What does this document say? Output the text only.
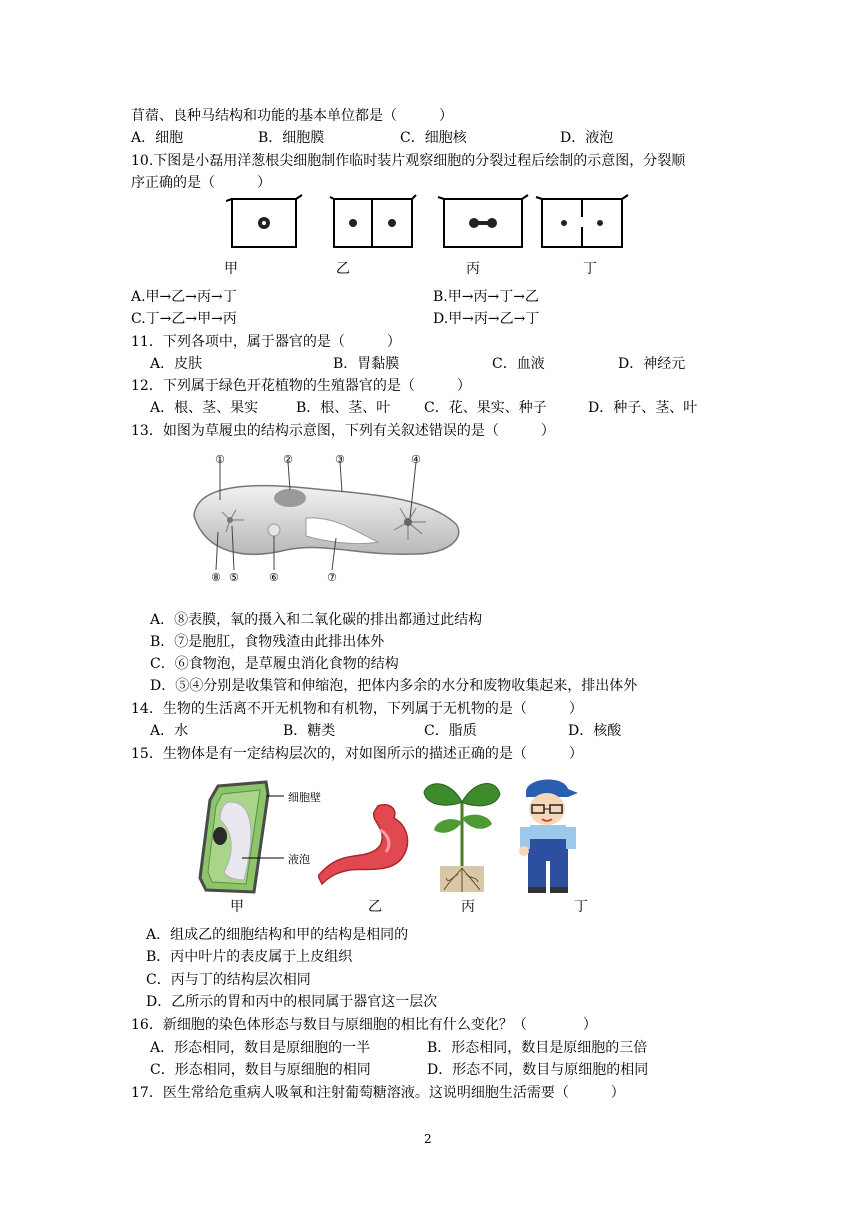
苜蓿、良种马结构和功能的基本单位都是（　　　）
A．细胞	B．细胞膜	C．细胞核	D．液泡
10.下图是小磊用洋葱根尖细胞制作临时装片观察细胞的分裂过程后绘制的示意图，分裂顺
序正确的是（　　　）
甲	乙	丙	丁
A.甲→乙→丙→丁	B.甲→丙→丁→乙
C.丁→乙→甲→丙	D.甲→丙→乙→丁
11．下列各项中，属于器官的是（　　　）
A．皮肤	B．胃黏膜	C．血液	D．神经元
12．下列属于绿色开花植物的生殖器官的是（　　　）
A．根、茎、果实	B．根、茎、叶 C．花、果实、种子	D．种子、茎、叶
13．如图为草履虫的结构示意图，下列有关叙述错误的是（　　　）
①	②	③	④
⑧ ⑤	⑥	⑦
A．⑧表膜，氧的摄入和二氧化碳的排出都通过此结构
B．⑦是胞肛，食物残渣由此排出体外
C．⑥食物泡，是草履虫消化食物的结构
D．⑤④分别是收集管和伸缩泡，把体内多余的水分和废物收集起来，排出体外
14．生物的生活离不开无机物和有机物，下列属于无机物的是（　　　）
A．水	B．糖类	C．脂质	D．核酸
15．生物体是有一定结构层次的，对如图所示的描述正确的是（　　　）
细胞壁
液泡
甲	乙	丙	丁
A．组成乙的细胞结构和甲的结构是相同的
B．丙中叶片的表皮属于上皮组织
C．丙与丁的结构层次相同
D．乙所示的胃和丙中的根同属于器官这一层次
16．新细胞的染色体形态与数目与原细胞的相比有什么变化？（　　　　）
A．形态相同，数目是原细胞的一半	B．形态相同，数目是原细胞的三倍
C．形态相同，数目与原细胞的相同	D．形态不同，数目与原细胞的相同
17．医生常给危重病人吸氧和注射葡萄糖溶液。这说明细胞生活需要（　　　）
2
